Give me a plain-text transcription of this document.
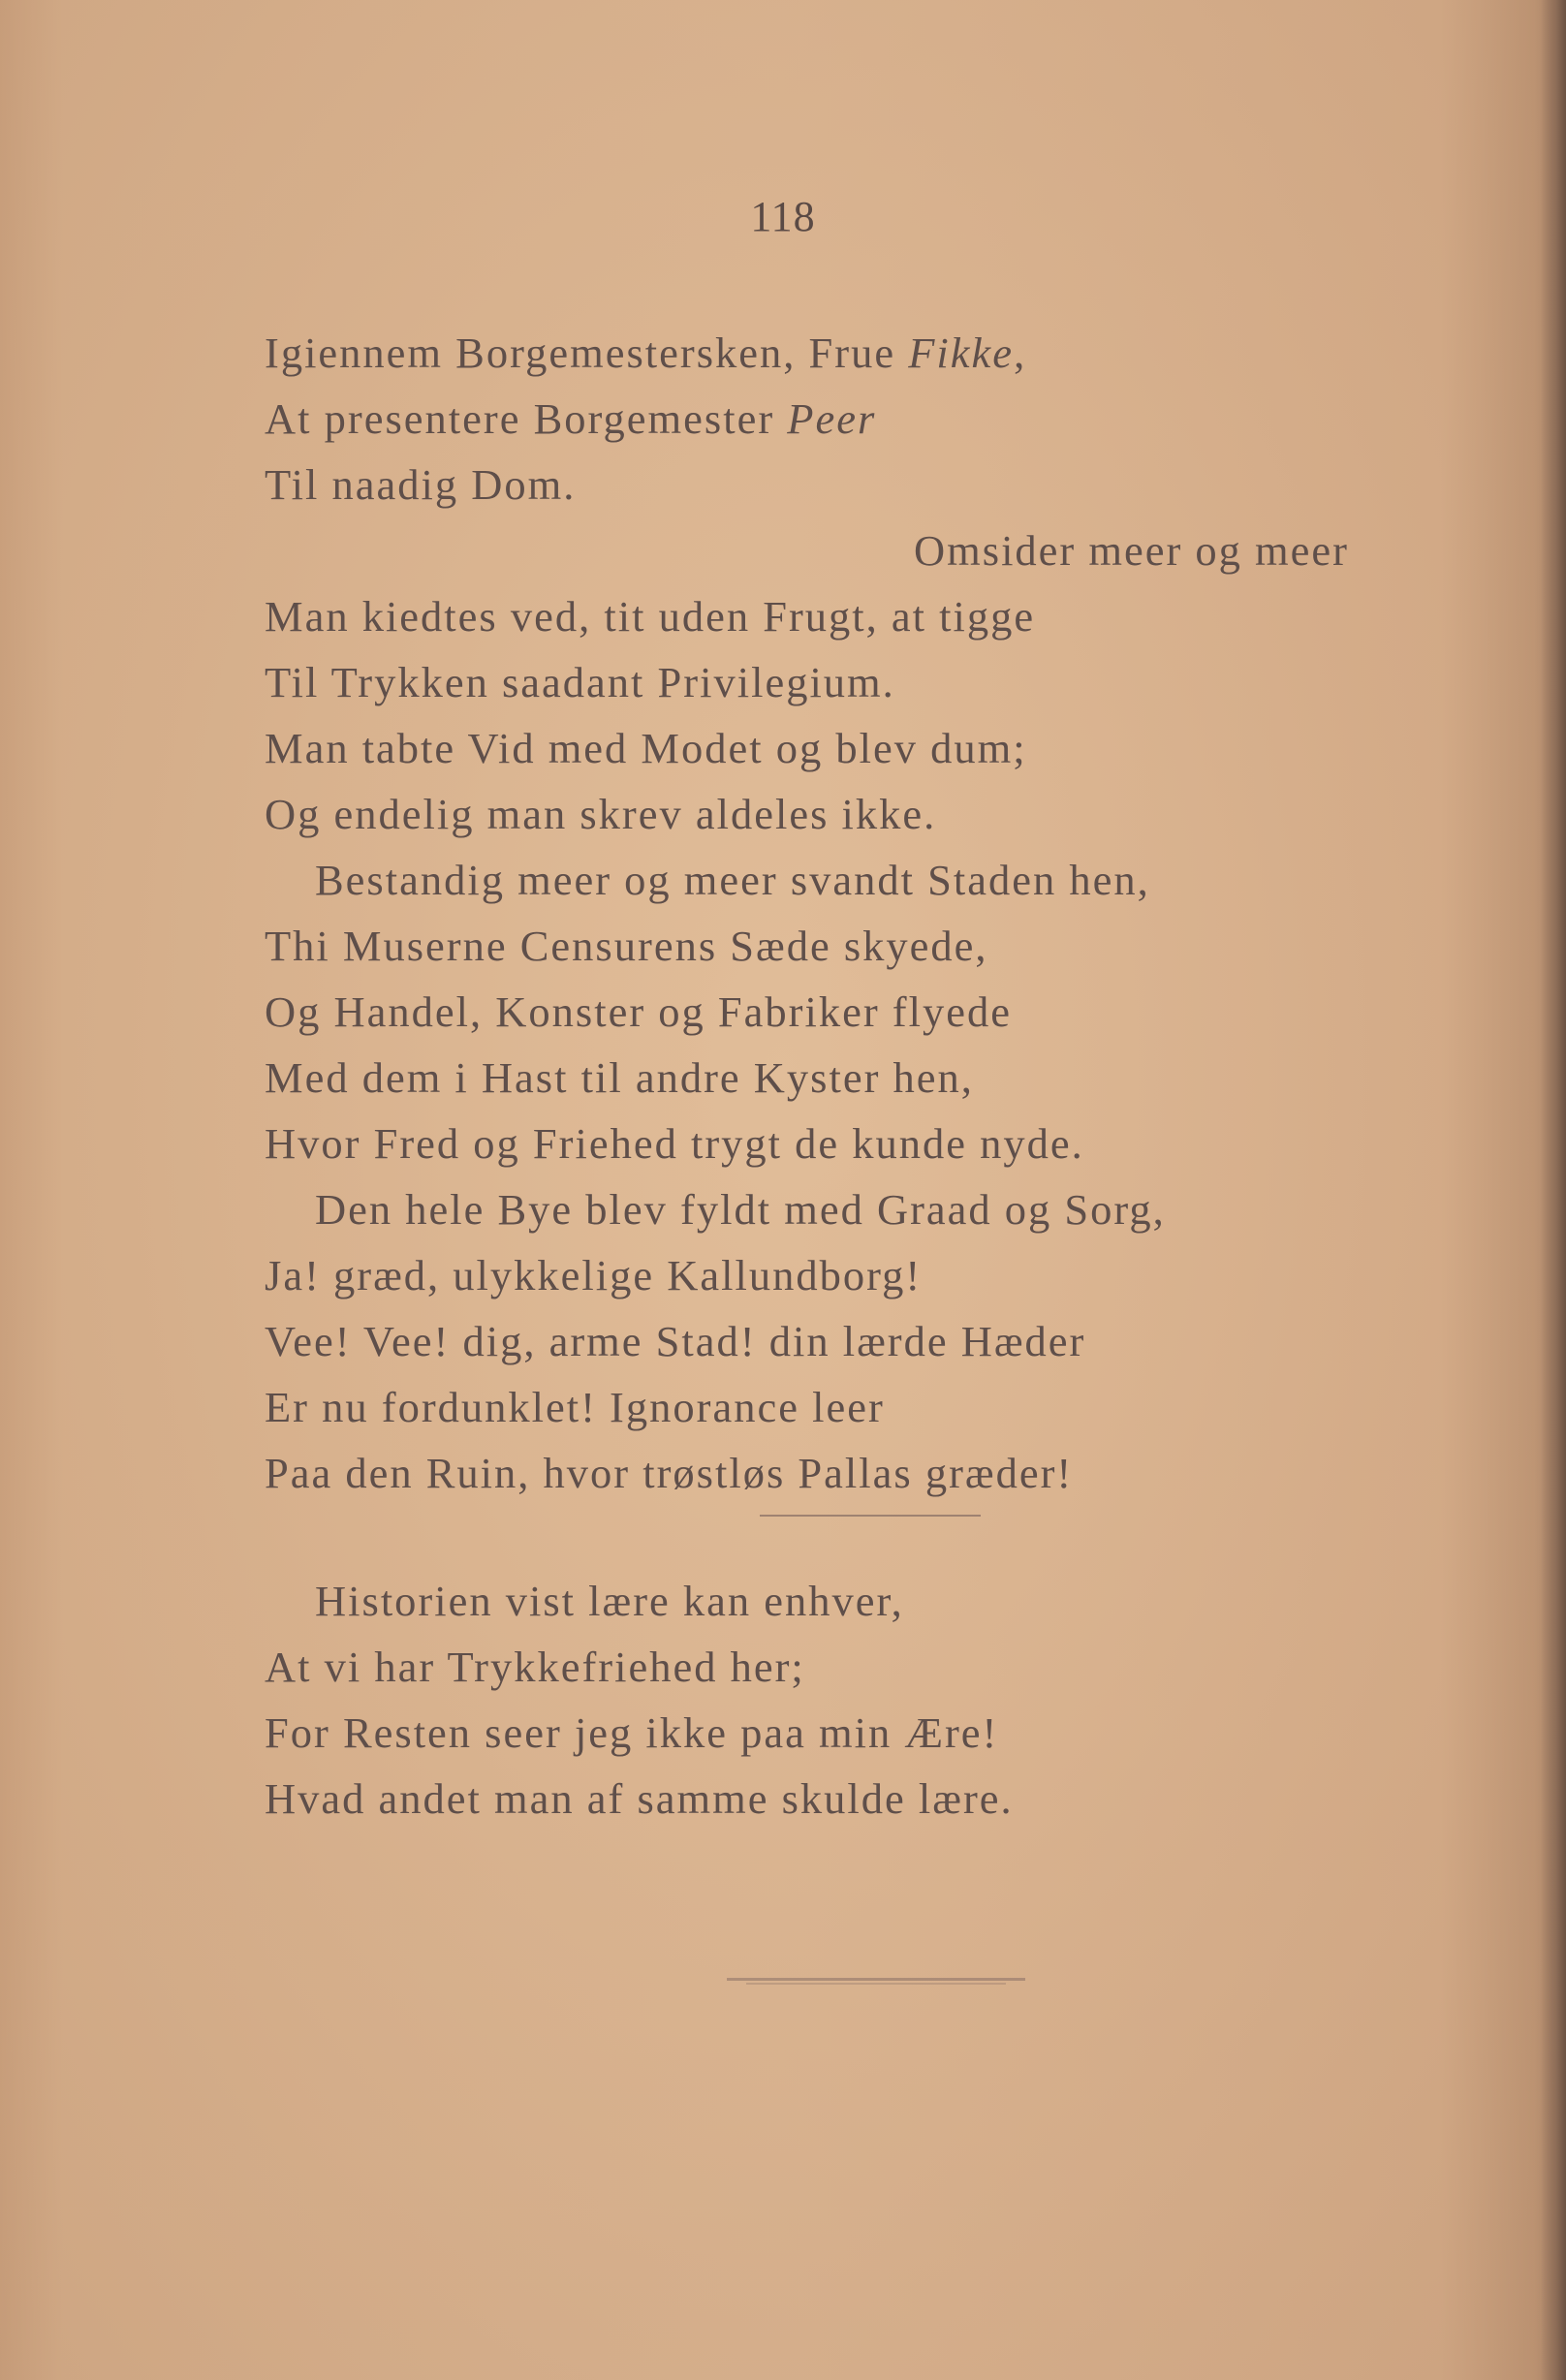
118
Igiennem Borgemestersken, Frue Fikke,
At presentere Borgemester Peer
Til naadig Dom.
Omsider meer og meer
Man kiedtes ved, tit uden Frugt, at tigge
Til Trykken saadant Privilegium.
Man tabte Vid med Modet og blev dum;
Og endelig man skrev aldeles ikke.
Bestandig meer og meer svandt Staden hen,
Thi Muserne Censurens Sæde skyede,
Og Handel, Konster og Fabriker flyede
Med dem i Hast til andre Kyster hen,
Hvor Fred og Friehed trygt de kunde nyde.
Den hele Bye blev fyldt med Graad og Sorg,
Ja! græd, ulykkelige Kallundborg!
Vee! Vee! dig, arme Stad! din lærde Hæder
Er nu fordunklet! Ignorance leer
Paa den Ruin, hvor trøstløs Pallas græder!
Historien vist lære kan enhver,
At vi har Trykkefriehed her;
For Resten seer jeg ikke paa min Ære!
Hvad andet man af samme skulde lære.
